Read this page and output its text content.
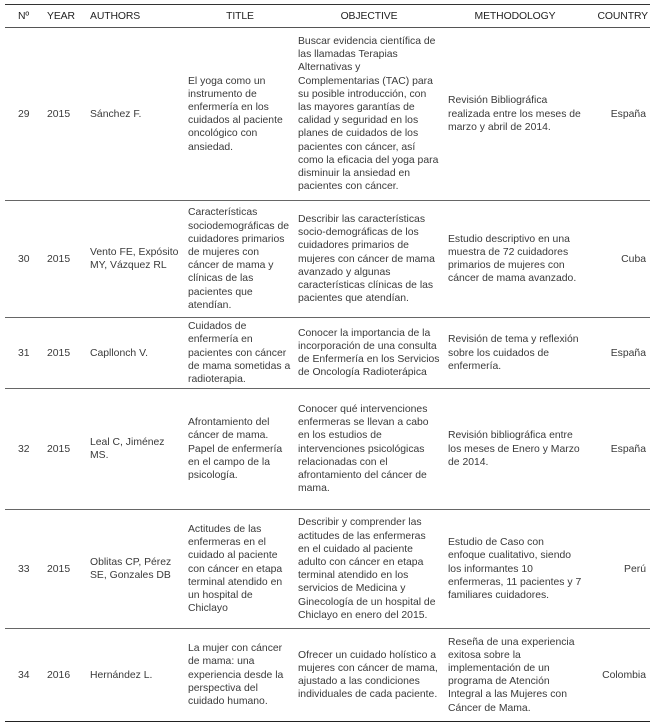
Nº	YEAR	AUTHORS	TITLE	OBJECTIVE	METHODOLOGY	COUNTRY
29	2015	Sánchez F.	El yoga como un instrumento de enfermería en los cuidados al paciente oncológico con ansiedad.	Buscar evidencia científica de las llamadas Terapias Alternativas y Complementarias (TAC) para su posible introducción, con las mayores garantías de calidad y seguridad en los planes de cuidados de los pacientes con cáncer, así como la eficacia del yoga para disminuir la ansiedad en pacientes con cáncer.	Revisión Bibliográfica realizada entre los meses de marzo y abril de 2014.	España
30	2015	Vento FE, Expósito MY, Vázquez RL	Características sociodemográficas de cuidadores primarios de mujeres con cáncer de mama y clínicas de las pacientes que atendían.	Describir las características socio-demográficas de los cuidadores primarios de mujeres con cáncer de mama avanzado y algunas características clínicas de las pacientes que atendían.	Estudio descriptivo en una muestra de 72 cuidadores primarios de mujeres con cáncer de mama avanzado.	Cuba
31	2015	Capllonch V.	Cuidados de enfermería en pacientes con cáncer de mama sometidas a radioterapia.	Conocer la importancia de la incorporación de una consulta de Enfermería en los Servicios de Oncología Radioterápica	Revisión de tema y reflexión sobre los cuidados de enfermería.	España
32	2015	Leal C, Jiménez MS.	Afrontamiento del cáncer de mama. Papel de enfermería en el campo de la psicología.	Conocer qué intervenciones enfermeras se llevan a cabo en los estudios de intervenciones psicológicas relacionadas con el afrontamiento del cáncer de mama.	Revisión bibliográfica entre los meses de Enero y Marzo de 2014.	España
33	2015	Oblitas CP, Pérez SE, Gonzales DB	Actitudes de las enfermeras en el cuidado al paciente con cáncer en etapa terminal atendido en un hospital de Chiclayo	Describir y comprender las actitudes de las enfermeras en el cuidado al paciente adulto con cáncer en etapa terminal atendido en los servicios de Medicina y Ginecología de un hospital de Chiclayo en enero del 2015.	Estudio de Caso con enfoque cualitativo, siendo los informantes 10 enfermeras, 11 pacientes y 7 familiares cuidadores.	Perú
34	2016	Hernández L.	La mujer con cáncer de mama: una experiencia desde la perspectiva del cuidado humano.	Ofrecer un cuidado holístico a mujeres con cáncer de mama, ajustado a las condiciones individuales de cada paciente.	Reseña de una experiencia exitosa sobre la implementación de un programa de Atención Integral a las Mujeres con Cáncer de Mama.	Colombia
